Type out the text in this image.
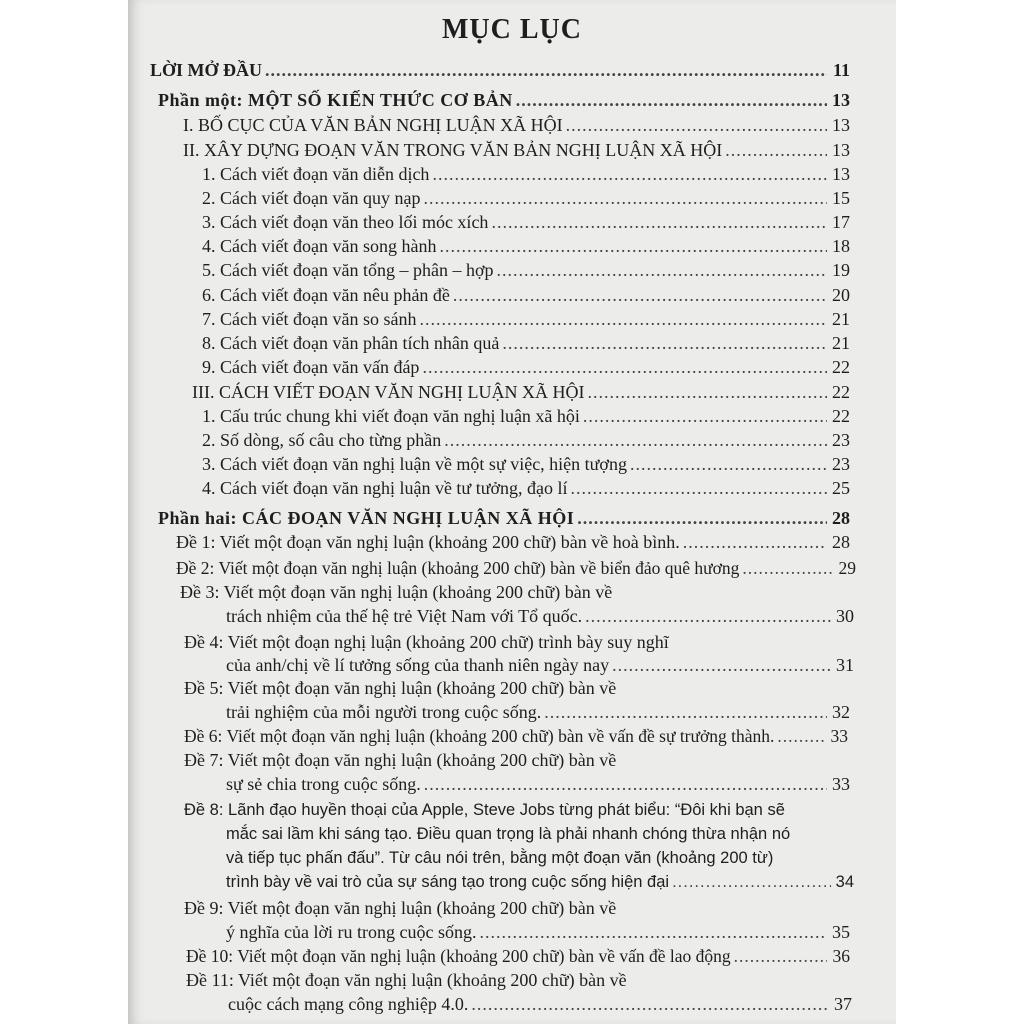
MỤC LỤC
LỜI MỞ ĐẦU .....	11
Phần một: MỘT SỐ KIẾN THỨC CƠ BẢN .....	13
I. BỐ CỤC CỦA VĂN BẢN NGHỊ LUẬN XÃ HỘI .....	13
II. XÂY DỰNG ĐOẠN VĂN TRONG VĂN BẢN NGHỊ LUẬN XÃ HỘI .....	13
1. Cách viết đoạn văn diễn dịch .....	13
2. Cách viết đoạn văn quy nạp .....	15
3. Cách viết đoạn văn theo lối móc xích .....	17
4. Cách viết đoạn văn song hành .....	18
5. Cách viết đoạn văn tổng – phân – hợp .....	19
6. Cách viết đoạn văn nêu phản đề .....	20
7. Cách viết đoạn văn so sánh .....	21
8. Cách viết đoạn văn phân tích nhân quả .....	21
9. Cách viết đoạn văn vấn đáp .....	22
III. CÁCH VIẾT ĐOẠN VĂN NGHỊ LUẬN XÃ HỘI .....	22
1. Cấu trúc chung khi viết đoạn văn nghị luận xã hội .....	22
2. Số dòng, số câu cho từng phần .....	23
3. Cách viết đoạn văn nghị luận về một sự việc, hiện tượng .....	23
4. Cách viết đoạn văn nghị luận về tư tưởng, đạo lí .....	25
Phần hai: CÁC ĐOẠN VĂN NGHỊ LUẬN XÃ HỘI .....	28
Đề 1: Viết một đoạn văn nghị luận (khoảng 200 chữ) bàn về hoà bình. .....	28
Đề 2: Viết một đoạn văn nghị luận (khoảng 200 chữ) bàn về biển đảo quê hương .....	29
Đề 3: Viết một đoạn văn nghị luận (khoảng 200 chữ) bàn về
trách nhiệm của thế hệ trẻ Việt Nam với Tổ quốc. .....	30
Đề 4: Viết một đoạn nghị luận (khoảng 200 chữ) trình bày suy nghĩ
của anh/chị về lí tưởng sống của thanh niên ngày nay .....	31
Đề 5: Viết một đoạn văn nghị luận (khoảng 200 chữ) bàn về
trải nghiệm của mỗi người trong cuộc sống. .....	32
Đề 6: Viết một đoạn văn nghị luận (khoảng 200 chữ) bàn về vấn đề sự trưởng thành. .....	33
Đề 7: Viết một đoạn văn nghị luận (khoảng 200 chữ) bàn về
sự sẻ chia trong cuộc sống. .....	33
Đề 8: Lãnh đạo huyền thoại của Apple, Steve Jobs từng phát biểu: “Đôi khi bạn sẽ
mắc sai lầm khi sáng tạo. Điều quan trọng là phải nhanh chóng thừa nhận nó
và tiếp tục phấn đấu”. Từ câu nói trên, bằng một đoạn văn (khoảng 200 từ)
trình bày về vai trò của sự sáng tạo trong cuộc sống hiện đại .....	34
Đề 9: Viết một đoạn văn nghị luận (khoảng 200 chữ) bàn về
ý nghĩa của lời ru trong cuộc sống. .....	35
Đề 10: Viết một đoạn văn nghị luận (khoảng 200 chữ) bàn về vấn đề lao động .....	36
Đề 11: Viết một đoạn văn nghị luận (khoảng 200 chữ) bàn về
cuộc cách mạng công nghiệp 4.0. .....	37
